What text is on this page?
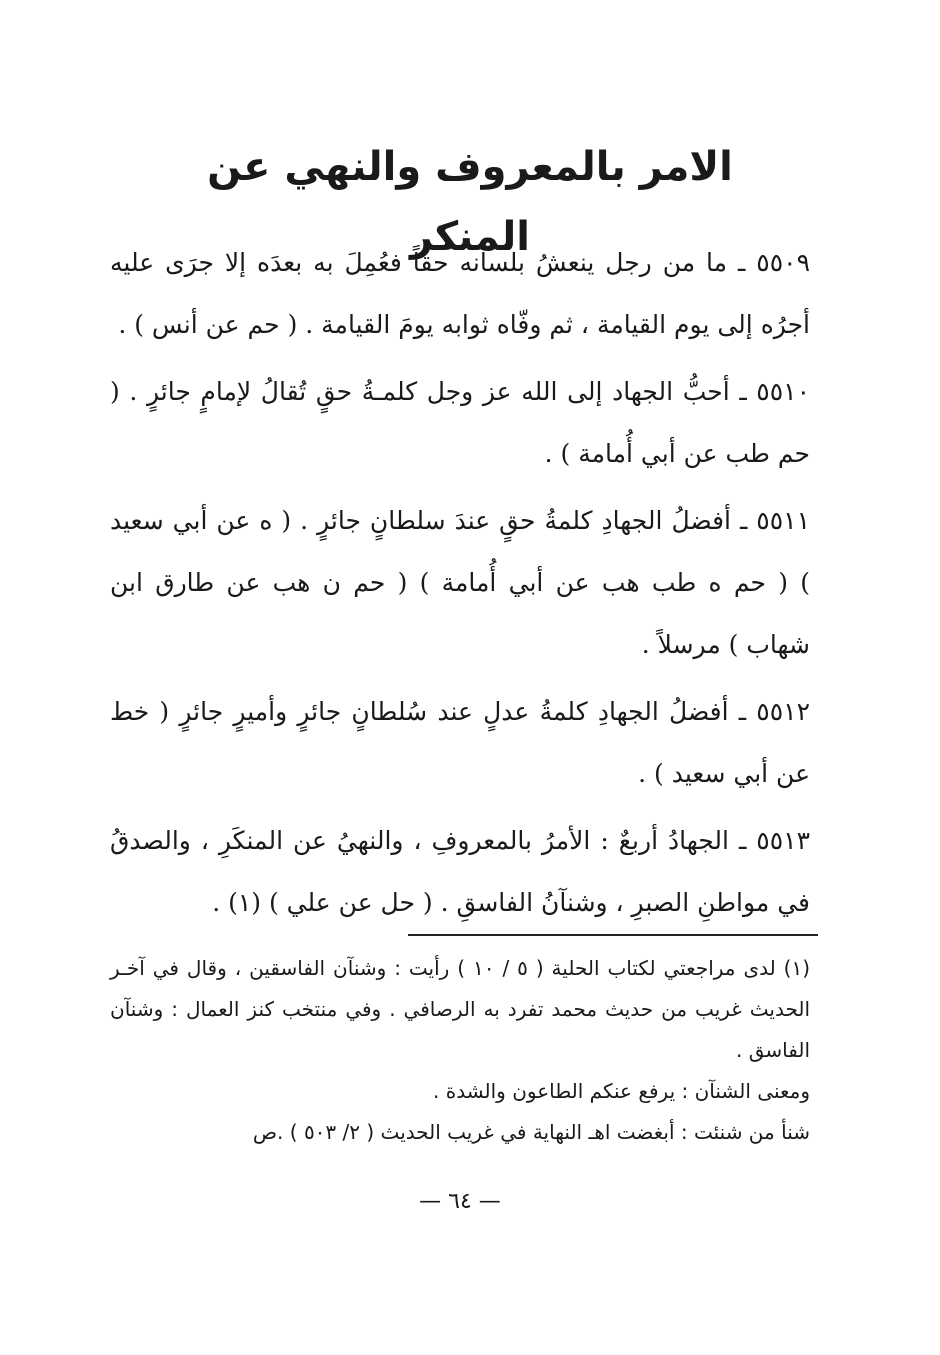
الامر بالمعروف والنهي عن المنكر

٥٥٠٩ ـ ما من رجل ينعشُ بلسانه حقاً فعُمِلَ به بعدَه إلا جرَى عليه أجرُه إلى يوم القيامة ، ثم وفّاه ثوابه يومَ القيامة . ( حم عن أنس ) .

٥٥١٠ ـ أحبُّ الجهاد إلى الله عز وجل كلمـةُ حقٍ تُقالُ لإمامٍ جائرٍ . ( حم طب عن أبي أُمامة ) .

٥٥١١ ـ أفضلُ الجهادِ كلمةُ حقٍ عندَ سلطانٍ جائرٍ . ( ه عن أبي سعيد ) ( حم ه طب هب عن أبي أُمامة ) ( حم ن هب عن طارق ابن شهاب ) مرسلاً .

٥٥١٢ ـ أفضلُ الجهادِ كلمةُ عدلٍ عند سُلطانٍ جائرٍ وأميرٍ جائرٍ ( خط عن أبي سعيد ) .

٥٥١٣ ـ الجهادُ أربعٌ : الأمرُ بالمعروفِ ، والنهيُ عن المنكَرِ ، والصدقُ في مواطنِ الصبرِ ، وشنآنُ الفاسقِ . ( حل عن علي ) (١) .

(١) لدى مراجعتي لكتاب الحلية ( ٥ / ١٠ ) رأيت : وشنآن الفاسقين ، وقال في آخـر الحديث غريب من حديث محمد تفرد به الرصافي . وفي منتخب كنز العمال : وشنآن الفاسق .

ومعنى الشنآن : يرفع عنكم الطاعون والشدة .

شنأ من شنئت : أبغضت اهـ النهاية في غريب الحديث ( ٢/ ٥٠٣ ) .ص

— ٦٤ —
